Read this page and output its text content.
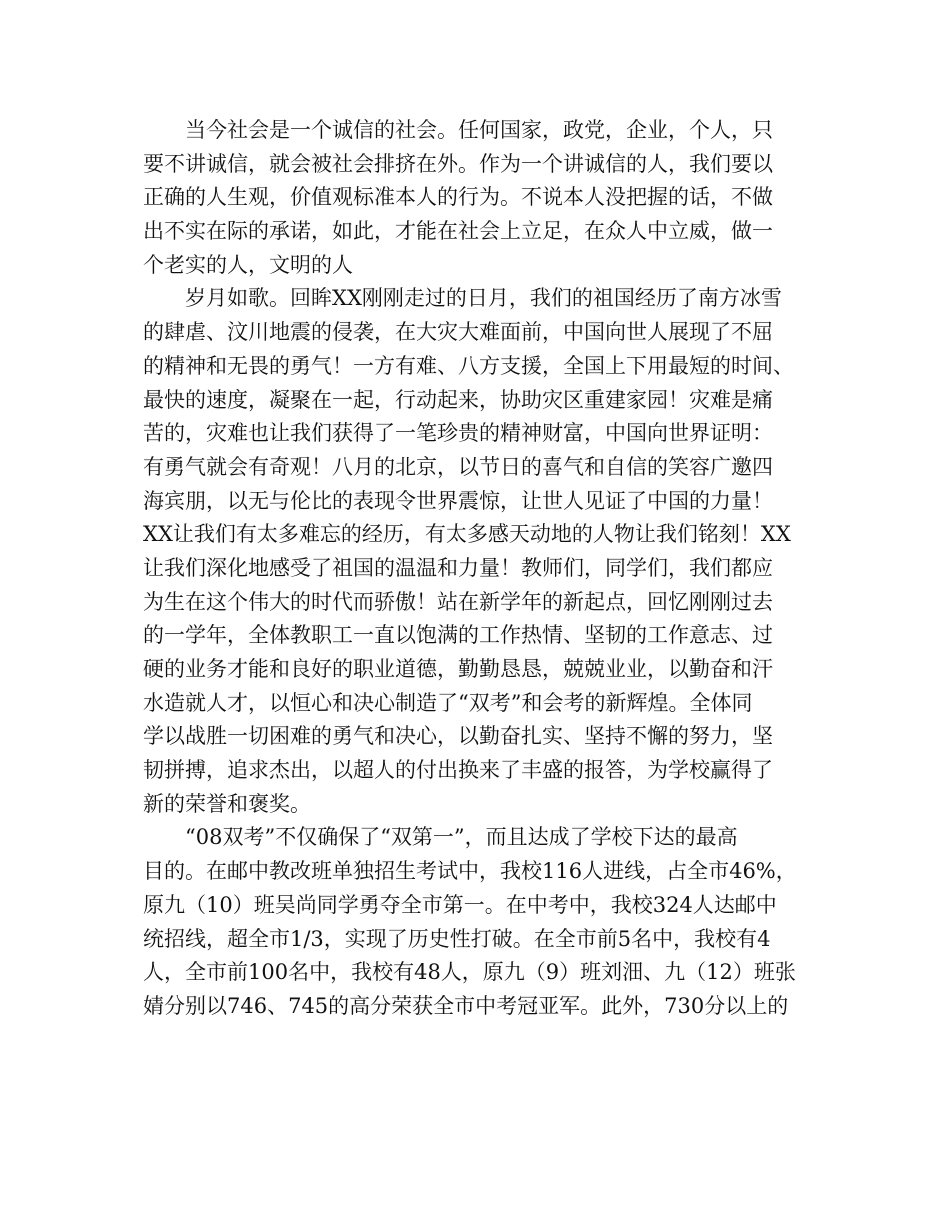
　　当今社会是一个诚信的社会。任何国家，政党，企业，个人，只
要不讲诚信，就会被社会排挤在外。作为一个讲诚信的人，我们要以
正确的人生观，价值观标准本人的行为。不说本人没把握的话，不做
出不实在际的承诺，如此，才能在社会上立足，在众人中立威，做一
个老实的人，文明的人

　　岁月如歌。回眸XX刚刚走过的日月，我们的祖国经历了南方冰雪
的肆虐、汶川地震的侵袭，在大灾大难面前，中国向世人展现了不屈
的精神和无畏的勇气！一方有难、八方支援，全国上下用最短的时间、
最快的速度，凝聚在一起，行动起来，协助灾区重建家园！灾难是痛
苦的，灾难也让我们获得了一笔珍贵的精神财富，中国向世界证明：
有勇气就会有奇观！八月的北京，以节日的喜气和自信的笑容广邀四
海宾朋，以无与伦比的表现令世界震惊，让世人见证了中国的力量！
XX让我们有太多难忘的经历，有太多感天动地的人物让我们铭刻！XX
让我们深化地感受了祖国的温温和力量！教师们，同学们，我们都应
为生在这个伟大的时代而骄傲！站在新学年的新起点，回忆刚刚过去
的一学年，全体教职工一直以饱满的工作热情、坚韧的工作意志、过
硬的业务才能和良好的职业道德，勤勤恳恳，兢兢业业，以勤奋和汗
水造就人才，以恒心和决心制造了“双考”和会考的新辉煌。全体同
学以战胜一切困难的勇气和决心，以勤奋扎实、坚持不懈的努力，坚
韧拼搏，追求杰出，以超人的付出换来了丰盛的报答，为学校赢得了
新的荣誉和褒奖。

　　“08双考”不仅确保了“双第一”，而且达成了学校下达的最高
目的。在邮中教改班单独招生考试中，我校116人进线，占全市46%，
原九（10）班吴尚同学勇夺全市第一。在中考中，我校324人达邮中
统招线，超全市1/3，实现了历史性打破。在全市前5名中，我校有4
人，全市前100名中，我校有48人，原九（9）班刘沺、九（12）班张
婧分别以746、745的高分荣获全市中考冠亚军。此外，730分以上的
